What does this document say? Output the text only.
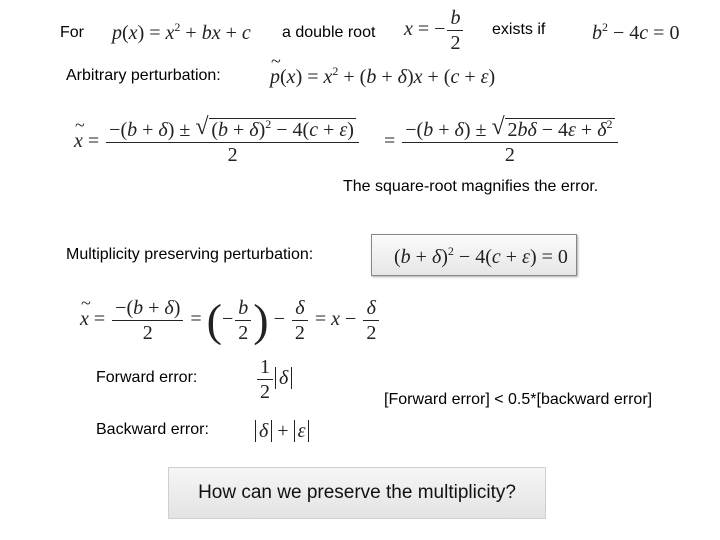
For $p(x) = x^2$ + bx + c a double root x = − $\frac{b}{2}$ exists if $b^2 - 4c = 0$
Arbitrary perturbation:
~ $p(x) = x^2 + (b + \delta)x + (c + \varepsilon)$
~ $x = \frac{-(b + \delta) \pm √ (b + \delta)^2 - 4(c + \varepsilon)}{2} = \frac{-(b + \delta) \pm √ 2b\delta - 4\varepsilon + \delta^2}{2}$
The square-root magnifies the error.
Multiplicity preserving perturbation:	$(b + \delta)^2 - 4(c + \varepsilon) = 0$
~ $x = \frac{-(b + \delta)}{2}$ = (− $\frac{b}{2}$ ) − $\frac{\delta}{2} = x - \frac{\delta}{2}$
Forward error:	$\frac{1}{2}$ δ
[Forward error] < 0.5*[backward error]
Backward error:	δ + ε
How can we preserve the multiplicity?
